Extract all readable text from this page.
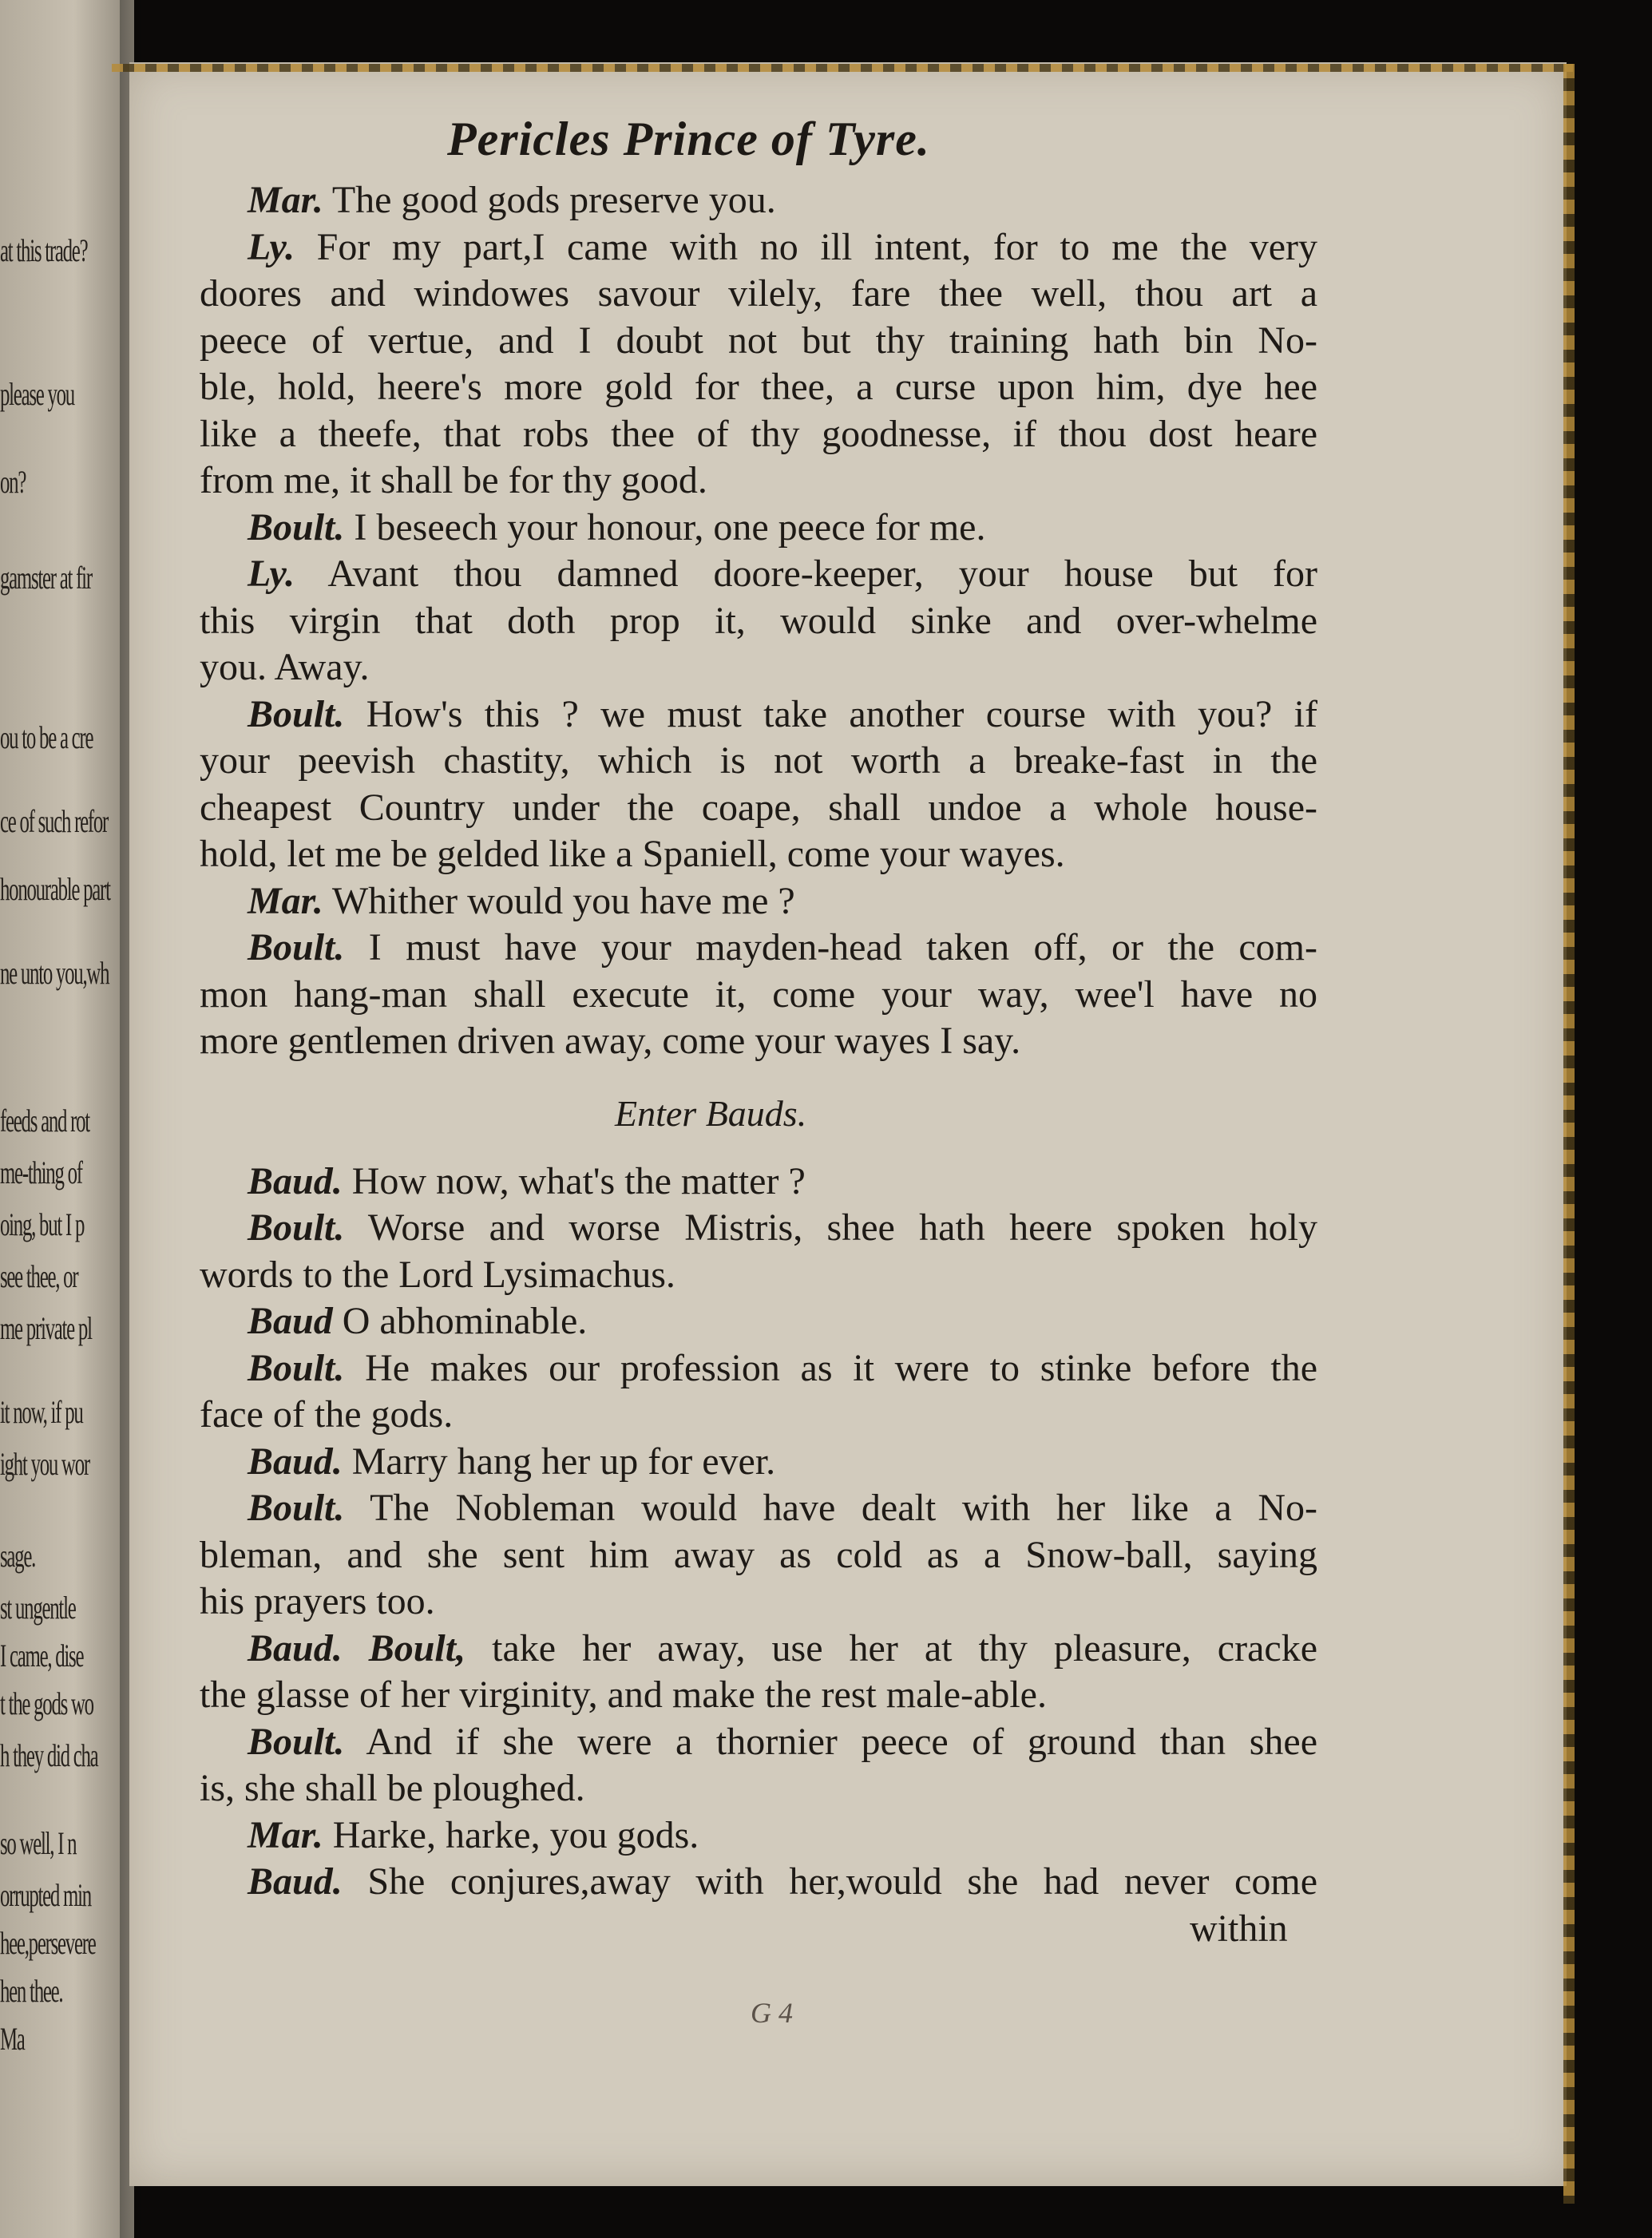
at this trade?
please you
on?
gamster at fir
ou to be a cre
ce of such refor
honourable part
ne unto you,wh
feeds and rot
me-thing of
oing, but I p
see thee, or
me private pl
it now, if pu
ight you wor
sage.
st ungentle
I came, dise
t the gods wo
h they did cha
so well, I n
orrupted min
hee,persevere
hen thee.
Ma
Pericles Prince of Tyre.
Mar. The good gods preserve you.
Ly. For my part,I came with no ill intent, for to me the very
doores and windowes savour vilely, fare thee well, thou art a
peece of vertue, and I doubt not but thy training hath bin No-
ble, hold, heere's more gold for thee, a curse upon him, dye hee
like a theefe, that robs thee of thy goodnesse, if thou dost heare
from me, it shall be for thy good.
Boult. I beseech your honour, one peece for me.
Ly. Avant thou damned doore-keeper, your house but for
this virgin that doth prop it, would sinke and over-whelme
you. Away.
Boult. How's this ? we must take another course with you? if
your peevish chastity, which is not worth a breake-fast in the
cheapest Country under the coape, shall undoe a whole house-
hold, let me be gelded like a Spaniell, come your wayes.
Mar. Whither would you have me ?
Boult. I must have your mayden-head taken off, or the com-
mon hang-man shall execute it, come your way, wee'l have no
more gentlemen driven away, come your wayes I say.
Enter Bauds.
Baud. How now, what's the matter ?
Boult. Worse and worse Mistris, shee hath heere spoken holy
words to the Lord Lysimachus.
Baud O abhominable.
Boult. He makes our profession as it were to stinke before the
face of the gods.
Baud. Marry hang her up for ever.
Boult. The Nobleman would have dealt with her like a No-
bleman, and she sent him away as cold as a Snow-ball, saying
his prayers too.
Baud. Boult, take her away, use her at thy pleasure, cracke
the glasse of her virginity, and make the rest male-able.
Boult. And if she were a thornier peece of ground than shee
is, she shall be ploughed.
Mar. Harke, harke, you gods.
Baud. She conjures,away with her,would she had never come
within
G 4
